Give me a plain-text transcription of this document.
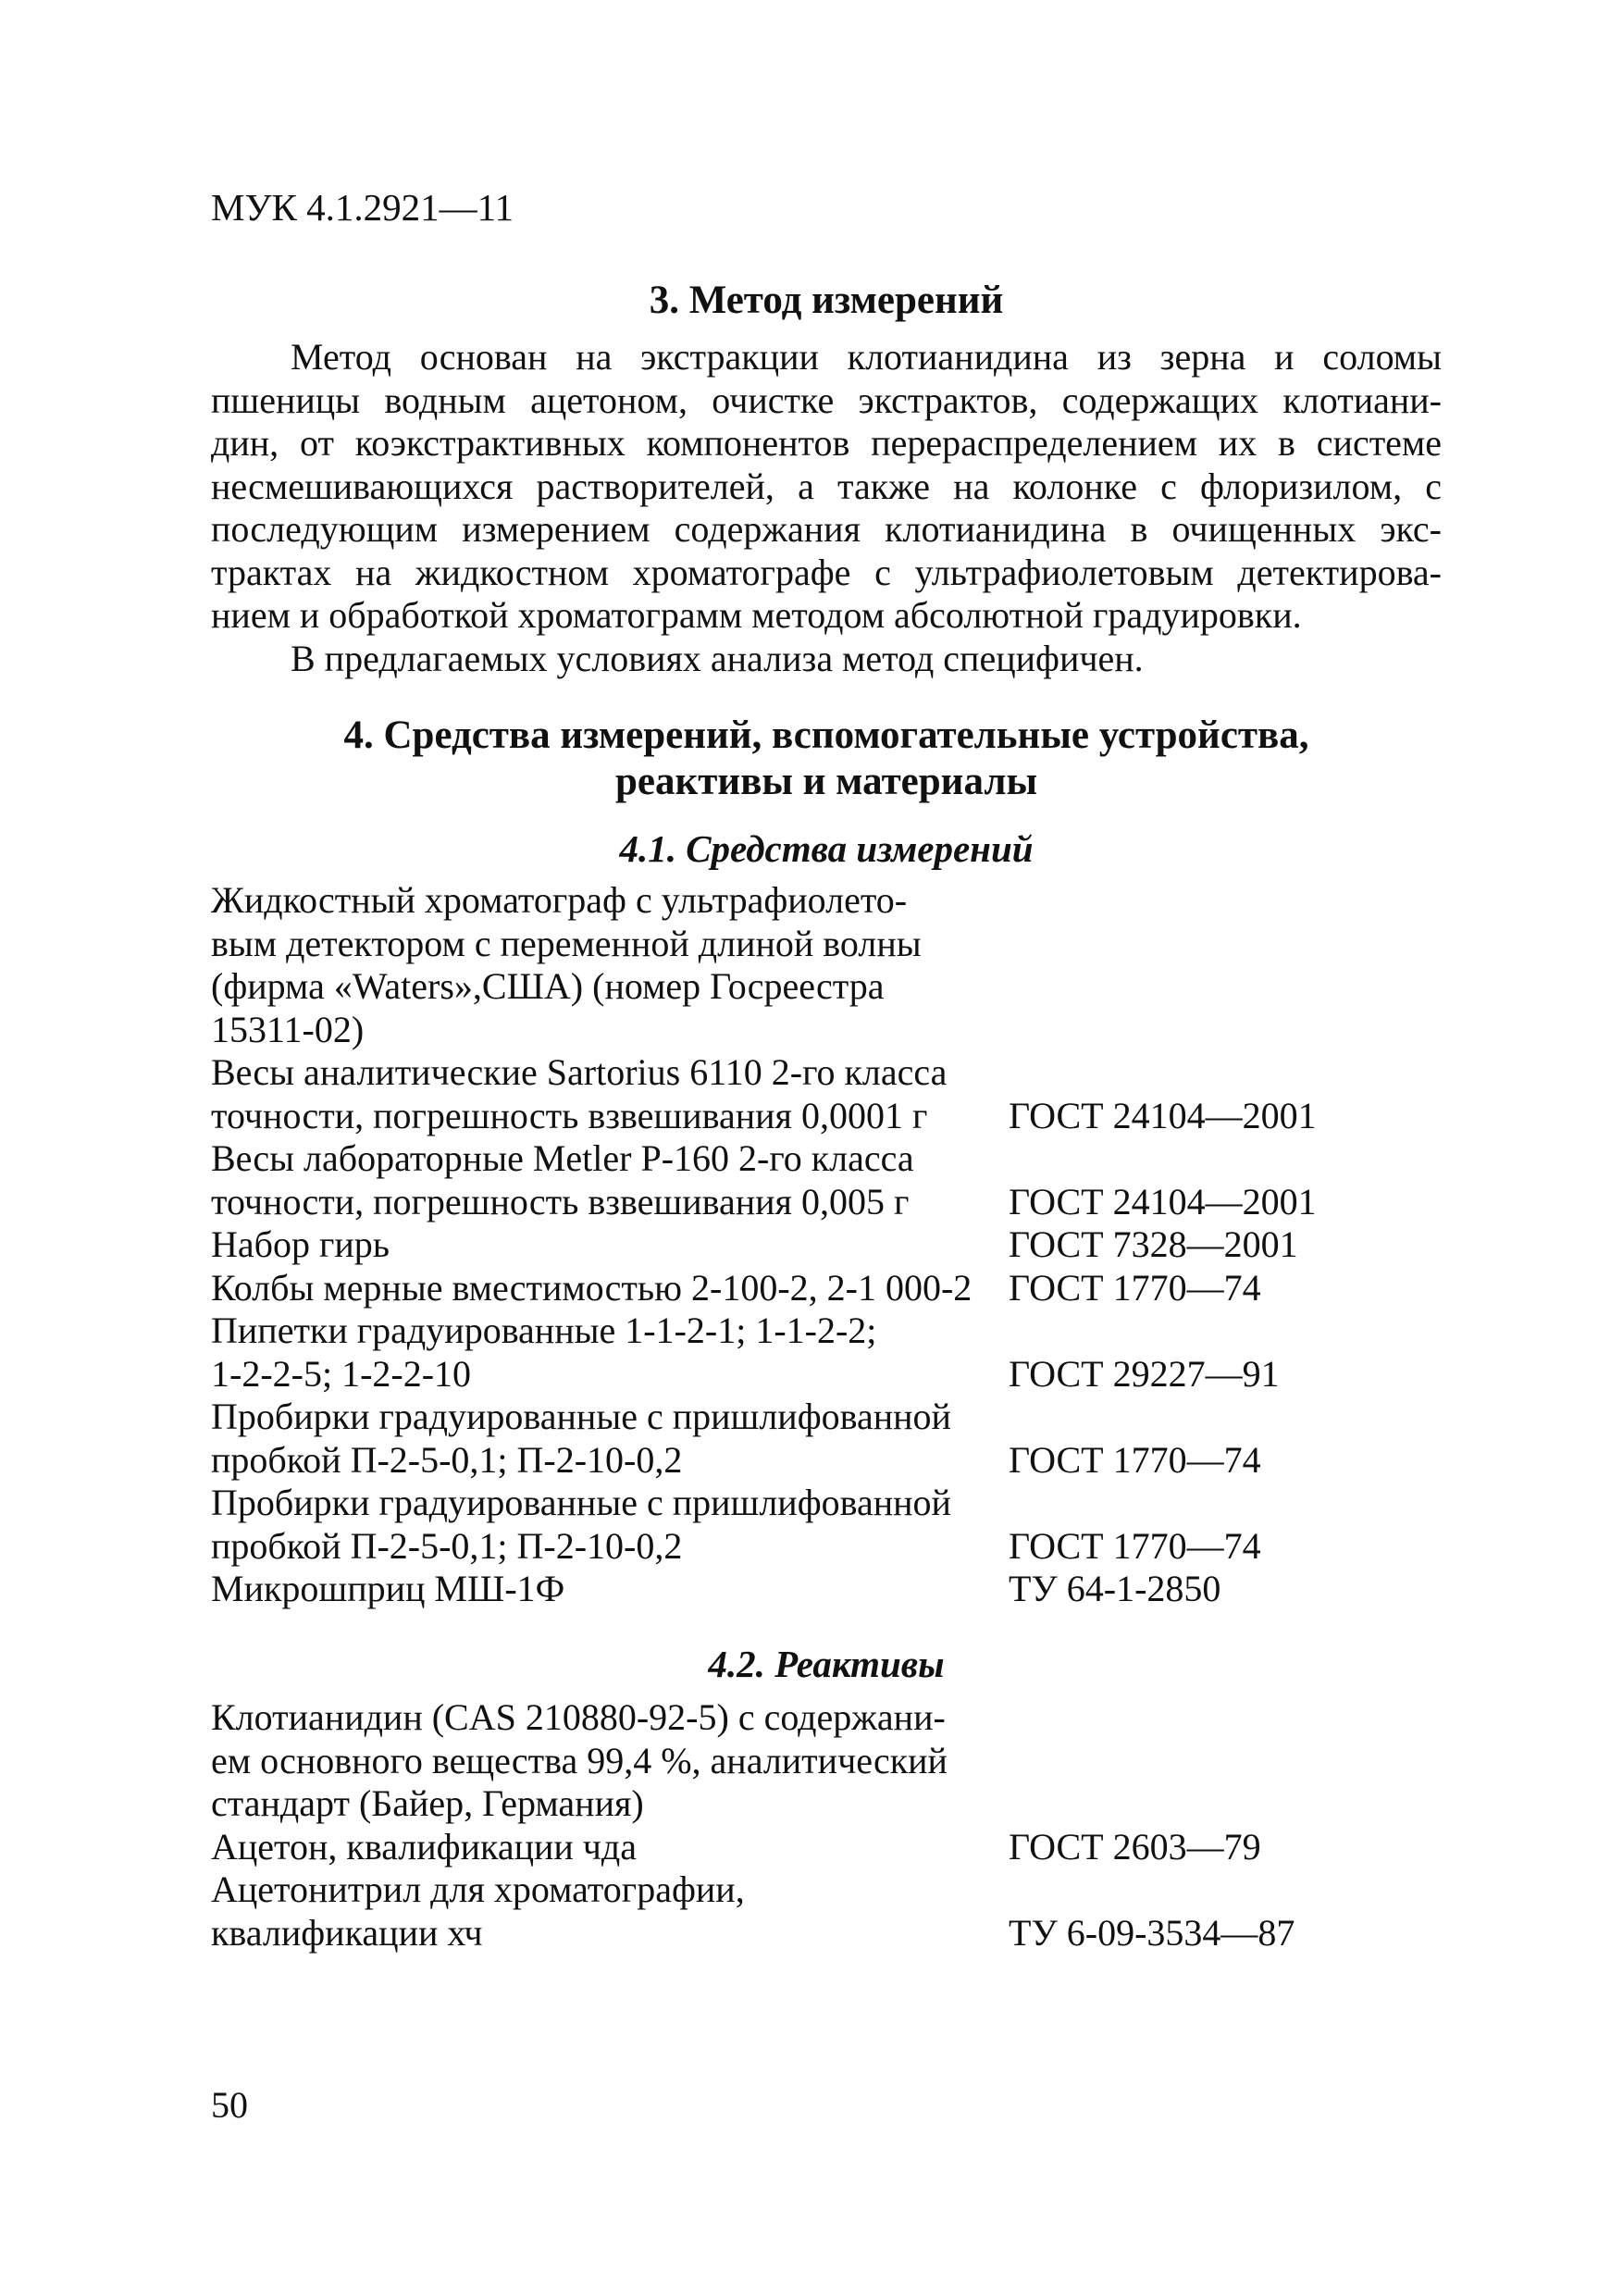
МУК 4.1.2921—11

3. Метод измерений
Метод основан на экстракции клотианидина из зерна и соломы
пшеницы водным ацетоном, очистке экстрактов, содержащих клотиани-
дин, от коэкстрактивных компонентов перераспределением их в системе
несмешивающихся растворителей, а также на колонке с флоризилом, с
последующим измерением содержания клотианидина в очищенных экс-
трактах на жидкостном хроматографе с ультрафиолетовым детектирова-
нием и обработкой хроматограмм методом абсолютной градуировки.
В предлагаемых условиях анализа метод специфичен.
4. Средства измерений, вспомогательные устройства,
реактивы и материалы
4.1. Средства измерений
Жидкостный хроматограф с ультрафиолето-
вым детектором с переменной длиной волны
(фирма «Waters»,США) (номер Госреестра
15311-02)
Весы аналитические Sartorius 6110 2-го класса
точности, погрешность взвешивания 0,0001 г	ГОСТ 24104—2001
Весы лабораторные Metler P-160 2-го класса
точности, погрешность взвешивания 0,005 г	ГОСТ 24104—2001
Набор гирь	ГОСТ 7328—2001
Колбы мерные вместимостью 2-100-2, 2-1 000-2 ГОСТ 1770—74
Пипетки градуированные 1-1-2-1; 1-1-2-2;
1-2-2-5; 1-2-2-10	ГОСТ 29227—91
Пробирки градуированные с пришлифованной
пробкой П-2-5-0,1; П-2-10-0,2	ГОСТ 1770—74
Пробирки градуированные с пришлифованной
пробкой П-2-5-0,1; П-2-10-0,2	ГОСТ 1770—74
Микрошприц МШ-1Ф	ТУ 64-1-2850
4.2. Реактивы
Клотианидин (CAS 210880-92-5) с содержани-
ем основного вещества 99,4 %, аналитический
стандарт (Байер, Германия)
Ацетон, квалификации чда	ГОСТ 2603—79
Ацетонитрил для хроматографии,
квалификации хч	ТУ 6-09-3534—87

50
